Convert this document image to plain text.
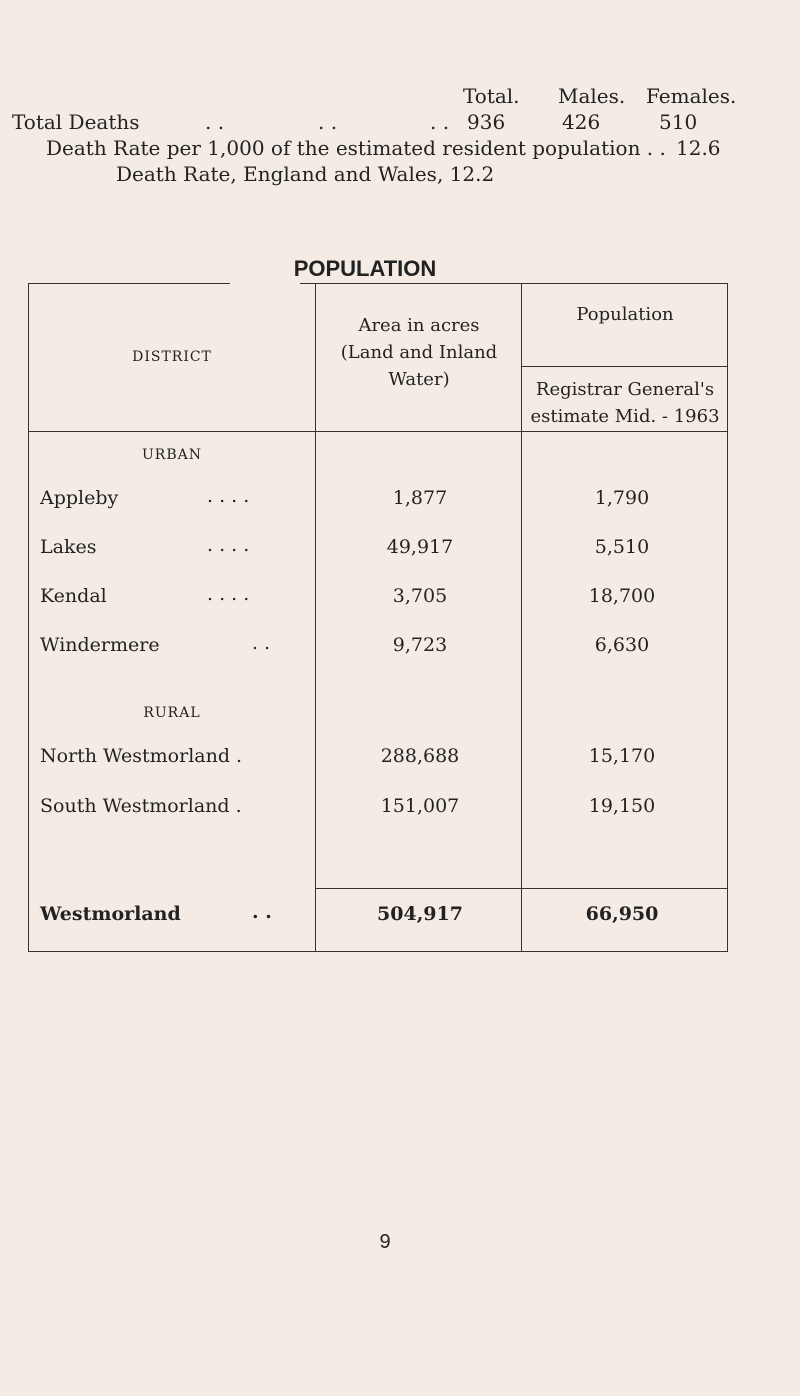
Total. Males. Females.
Total Deaths	. .	. .	. . 936	426	510
Death Rate per 1,000 of the estimated resident population . . 12.6
Death Rate, England and Wales, 12.2
POPULATION
DISTRICT
Area in acres (Land and Inland Water)
Population
Registrar General's estimate Mid. - 1963
URBAN
Appleby	. . . .	1,877	1,790
Lakes	. . . .	49,917	5,510
Kendal	. . . .	3,705	18,700
Windermere	. .	9,723	6,630
RURAL
North Westmorland .	288,688	15,170
South Westmorland .	151,007	19,150
Westmorland	. .	504,917	66,950
9
